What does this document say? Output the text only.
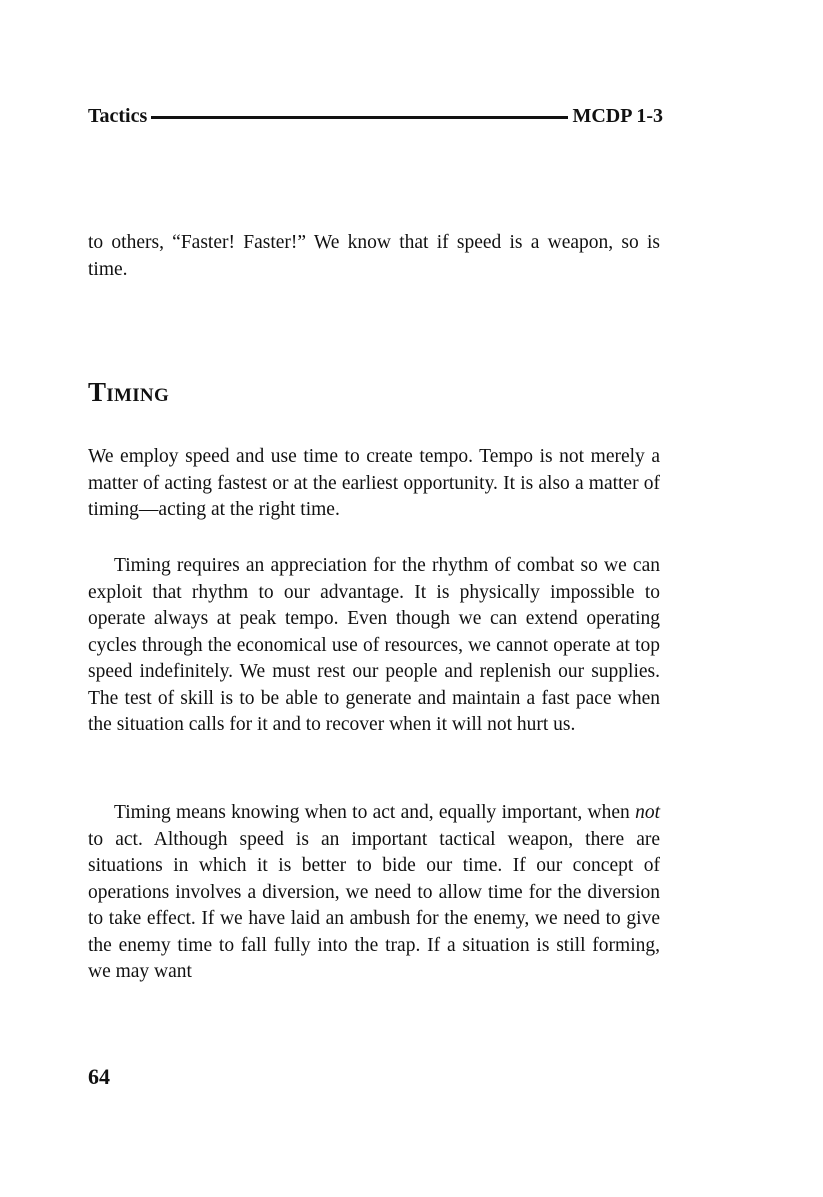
Tactics	MCDP 1-3

to others, “Faster! Faster!” We know that if speed is a weapon, so is time.

Timing

We employ speed and use time to create tempo. Tempo is not merely a matter of acting fastest or at the earliest opportunity. It is also a matter of timing—acting at the right time.

Timing requires an appreciation for the rhythm of combat so we can exploit that rhythm to our advantage. It is physically impossible to operate always at peak tempo. Even though we can extend operating cycles through the economical use of resources, we cannot operate at top speed indefinitely. We must rest our people and replenish our supplies. The test of skill is to be able to generate and maintain a fast pace when the situation calls for it and to recover when it will not hurt us.

Timing means knowing when to act and, equally important, when not to act. Although speed is an important tactical weapon, there are situations in which it is better to bide our time. If our concept of operations involves a diversion, we need to allow time for the diversion to take effect. If we have laid an ambush for the enemy, we need to give the enemy time to fall fully into the trap. If a situation is still forming, we may want

64
